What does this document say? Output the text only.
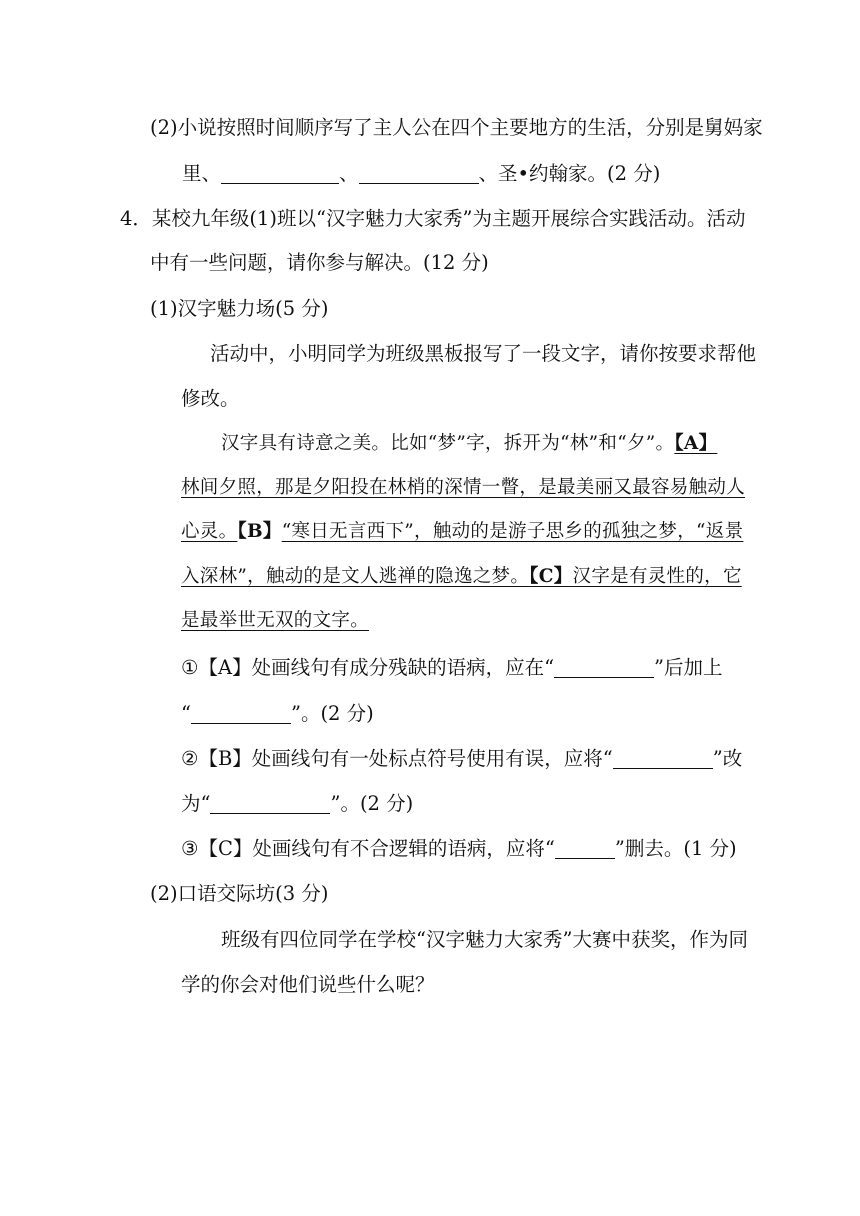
(2)小说按照时间顺序写了主人公在四个主要地方的生活，分别是舅妈家
里、	、	、圣•约翰家。(2 分)
4．某校九年级(1)班以“汉字魅力大家秀”为主题开展综合实践活动。活动
中有一些问题，请你参与解决。(12 分)
(1)汉字魅力场(5 分)
活动中，小明同学为班级黑板报写了一段文字，请你按要求帮他
修改。
汉字具有诗意之美。比如“梦”字，拆开为“林”和“夕”。【A】
林间夕照，那是夕阳投在林梢的深情一瞥，是最美丽又最容易触动人
心灵。【B】“寒日无言西下”，触动的是游子思乡的孤独之梦，“返景
入深林”，触动的是文人逃禅的隐逸之梦。【C】汉字是有灵性的，它
是最举世无双的文字。
①【A】处画线句有成分残缺的语病，应在“	”后加上
“	”。(2 分)
②【B】处画线句有一处标点符号使用有误，应将“	”改
为“	”。(2 分)
③【C】处画线句有不合逻辑的语病，应将“	”删去。(1 分)
(2)口语交际坊(3 分)
班级有四位同学在学校“汉字魅力大家秀”大赛中获奖，作为同
学的你会对他们说些什么呢？
